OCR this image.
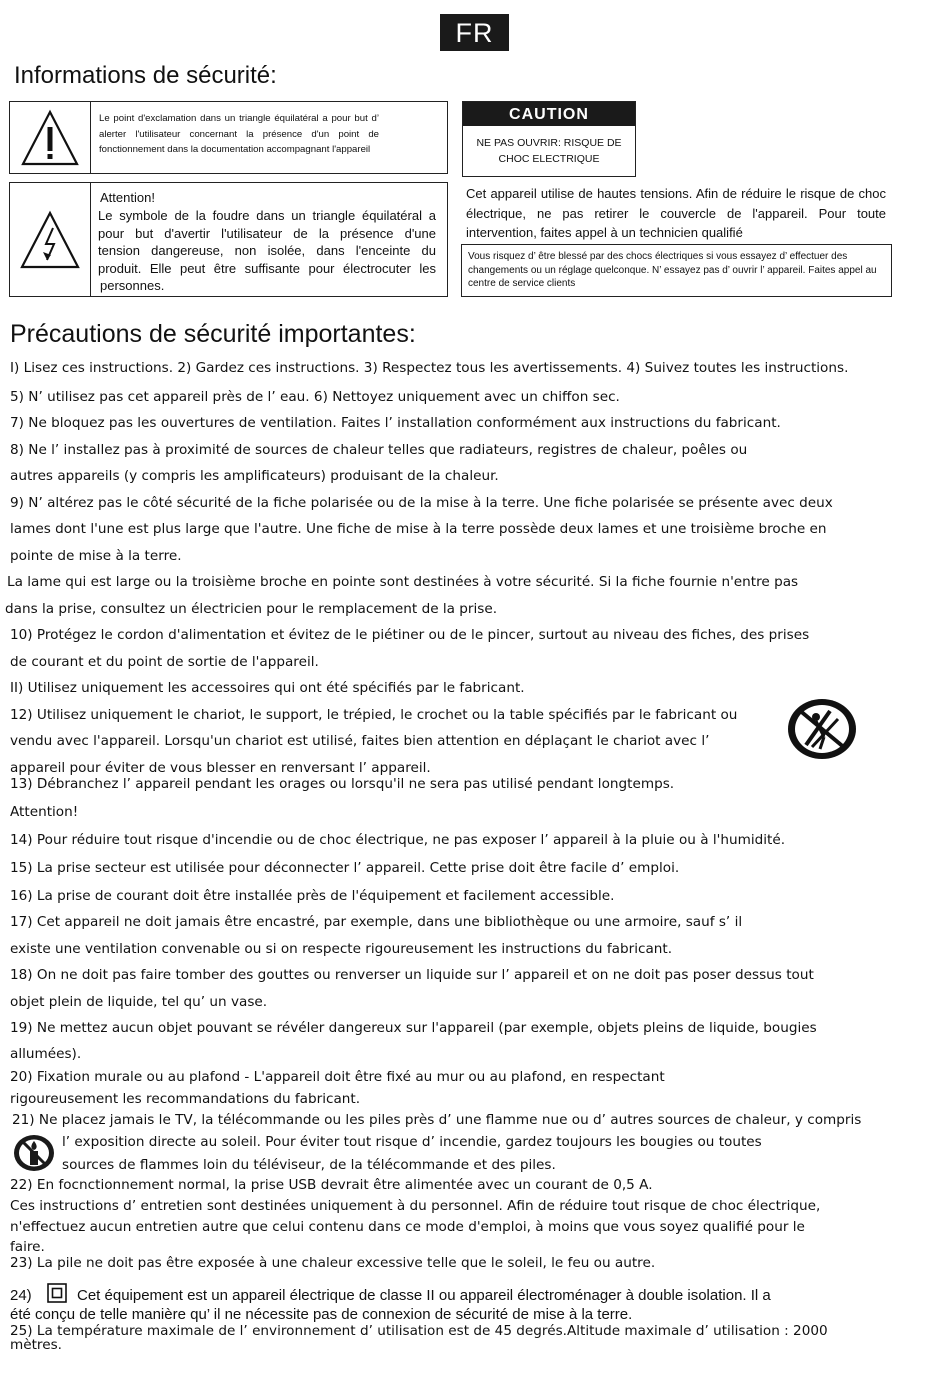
FR
Informations de sécurité:
Le point d'exclamation dans un triangle équilatéral a pour but d’ alerter l'utilisateur concernant la présence d'un point de fonctionnement dans la documentation accompagnant l'appareil
Attention!
Le symbole de la foudre dans un triangle équilatéral a
pour but d'avertir l'utilisateur de la présence d'une
tension dangereuse, non isolée, dans l'enceinte du
produit. Elle peut être suffisante pour électrocuter les
personnes.
CAUTION
NE PAS OUVRIR: RISQUE DE
CHOC ELECTRIQUE
Cet appareil utilise de hautes tensions. Afin de réduire le risque de choc électrique, ne pas retirer le couvercle de l'appareil. Pour toute intervention, faites appel à un technicien qualifié
Vous risquez d’ être blessé par des chocs électriques si vous essayez d’ effectuer des changements ou un réglage quelconque. N’ essayez pas d’ ouvrir l’ appareil. Faites appel au centre de service clients
Précautions de sécurité importantes:
I) Lisez ces instructions. 2) Gardez ces instructions. 3) Respectez tous les avertissements. 4) Suivez toutes les instructions.
5) N’ utilisez pas cet appareil près de l’ eau. 6) Nettoyez uniquement avec un chiffon sec.
7) Ne bloquez pas les ouvertures de ventilation. Faites l’ installation conformément aux instructions du fabricant.
8) Ne l’ installez pas à proximité de sources de chaleur telles que radiateurs, registres de chaleur, poêles ou
autres appareils (y compris les amplificateurs) produisant de la chaleur.
9) N’ altérez pas le côté sécurité de la fiche polarisée ou de la mise à la terre. Une fiche polarisée se présente avec deux
lames dont l'une est plus large que l'autre. Une fiche de mise à la terre possède deux lames et une troisième broche en
pointe de mise à la terre.
La lame qui est large ou la troisième broche en pointe sont destinées à votre sécurité. Si la fiche fournie n'entre pas
dans la prise, consultez un électricien pour le remplacement de la prise.
10) Protégez le cordon d'alimentation et évitez de le piétiner ou de le pincer, surtout au niveau des fiches, des prises
de courant et du point de sortie de l'appareil.
II) Utilisez uniquement les accessoires qui ont été spécifiés par le fabricant.
12) Utilisez uniquement le chariot, le support, le trépied, le crochet ou la table spécifiés par le fabricant ou
vendu avec l'appareil. Lorsqu'un chariot est utilisé, faites bien attention en déplaçant le chariot avec l’
appareil pour éviter de vous blesser en renversant l’ appareil.
13) Débranchez l’ appareil pendant les orages ou lorsqu'il ne sera pas utilisé pendant longtemps.
Attention!
14) Pour réduire tout risque d'incendie ou de choc électrique, ne pas exposer l’ appareil à la pluie ou à l'humidité.
15) La prise secteur est utilisée pour déconnecter l’ appareil. Cette prise doit être facile d’ emploi.
16) La prise de courant doit être installée près de l'équipement et facilement accessible.
17) Cet appareil ne doit jamais être encastré, par exemple, dans une bibliothèque ou une armoire, sauf s’ il
existe une ventilation convenable ou si on respecte rigoureusement les instructions du fabricant.
18) On ne doit pas faire tomber des gouttes ou renverser un liquide sur l’ appareil et on ne doit pas poser dessus tout
objet plein de liquide, tel qu’ un vase.
19) Ne mettez aucun objet pouvant se révéler dangereux sur l'appareil (par exemple, objets pleins de liquide, bougies
allumées).
20) Fixation murale ou au plafond - L'appareil doit être fixé au mur ou au plafond, en respectant
rigoureusement les recommandations du fabricant.
21) Ne placez jamais le TV, la télécommande ou les piles près d’ une flamme nue ou d’ autres sources de chaleur, y compris
l’ exposition directe au soleil. Pour éviter tout risque d’ incendie, gardez toujours les bougies ou toutes
sources de flammes loin du téléviseur, de la télécommande et des piles.
22) En focnctionnement normal, la prise USB devrait être alimentée avec un courant de 0,5 A.
Ces instructions d’ entretien sont destinées uniquement à du personnel. Afin de réduire tout risque de choc électrique,
n'effectuez aucun entretien autre que celui contenu dans ce mode d'emploi, à moins que vous soyez qualifié pour le
faire.
23) La pile ne doit pas être exposée à une chaleur excessive telle que le soleil, le feu ou autre.
24)	Cet équipement est un appareil électrique de classe II ou appareil électroménager à double isolation. Il a
été conçu de telle manière qu’ il ne nécessite pas de connexion de sécurité de mise à la terre.
25) La température maximale de l’ environnement d’ utilisation est de 45 degrés.Altitude maximale d’ utilisation : 2000
mètres.
